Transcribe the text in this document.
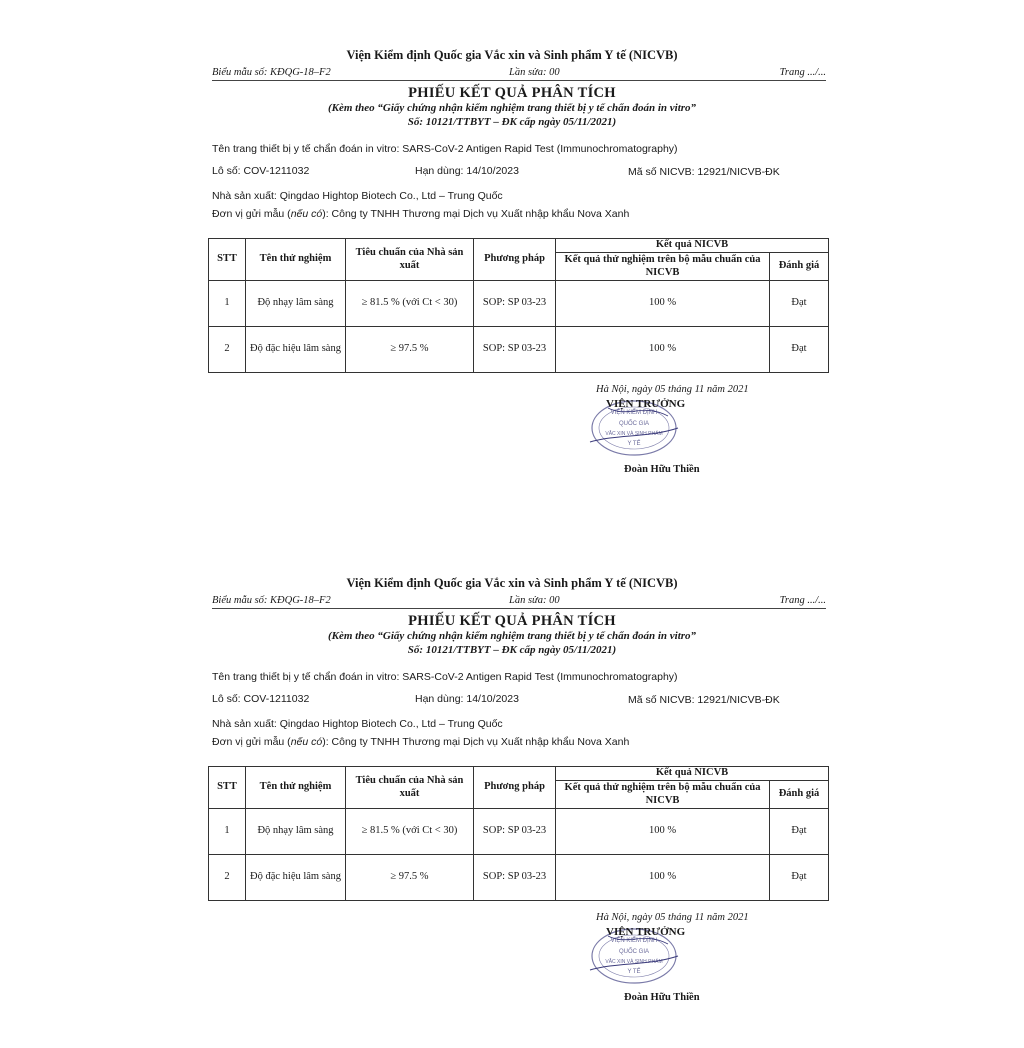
Viện Kiểm định Quốc gia Vắc xin và Sinh phẩm Y tế (NICVB)
Biểu mẫu số: KĐQG-18–F2	Lần sửa: 00	Trang .../...
PHIẾU KẾT QUẢ PHÂN TÍCH
(Kèm theo “Giấy chứng nhận kiểm nghiệm trang thiết bị y tế chẩn đoán in vitro”
Số: 10121/TTBYT – ĐK cấp ngày 05/11/2021)
Tên trang thiết bị y tế chẩn đoán in vitro: SARS-CoV-2 Antigen Rapid Test (Immunochromatography)
Lô số: COV-1211032	Hạn dùng: 14/10/2023	Mã số NICVB: 12921/NICVB-ĐK
Nhà sản xuất: Qingdao Hightop Biotech Co., Ltd – Trung Quốc
Đơn vị gửi mẫu (nếu có): Công ty TNHH Thương mại Dịch vụ Xuất nhập khẩu Nova Xanh
STT	Tên thử nghiệm	Tiêu chuẩn của Nhà sản xuất	Phương pháp	Kết quả NICVB	
				Kết quả thử nghiệm trên bộ mẫu chuẩn của NICVB	Đánh giá
1	Độ nhạy lâm sàng	≥ 81.5 % (với Ct < 30)	SOP: SP 03-23	100 %	Đạt
2	Độ đặc hiệu lâm sàng	≥ 97.5 %	SOP: SP 03-23	100 %	Đạt
VIỆN KIỂM ĐỊNH
QUỐC GIA
VẮC XIN VÀ SINH PHẨM
Y TẾ
Hà Nội, ngày 05 tháng 11 năm 2021
VIỆN TRƯỞNG
Đoàn Hữu Thiền
Viện Kiểm định Quốc gia Vắc xin và Sinh phẩm Y tế (NICVB)
Biểu mẫu số: KĐQG-18–F2	Lần sửa: 00	Trang .../...
PHIẾU KẾT QUẢ PHÂN TÍCH
(Kèm theo “Giấy chứng nhận kiểm nghiệm trang thiết bị y tế chẩn đoán in vitro”
Số: 10121/TTBYT – ĐK cấp ngày 05/11/2021)
Tên trang thiết bị y tế chẩn đoán in vitro: SARS-CoV-2 Antigen Rapid Test (Immunochromatography)
Lô số: COV-1211032	Hạn dùng: 14/10/2023	Mã số NICVB: 12921/NICVB-ĐK
Nhà sản xuất: Qingdao Hightop Biotech Co., Ltd – Trung Quốc
Đơn vị gửi mẫu (nếu có): Công ty TNHH Thương mại Dịch vụ Xuất nhập khẩu Nova Xanh
STT	Tên thử nghiệm	Tiêu chuẩn của Nhà sản xuất	Phương pháp	Kết quả NICVB	
				Kết quả thử nghiệm trên bộ mẫu chuẩn của NICVB	Đánh giá
1	Độ nhạy lâm sàng	≥ 81.5 % (với Ct < 30)	SOP: SP 03-23	100 %	Đạt
2	Độ đặc hiệu lâm sàng	≥ 97.5 %	SOP: SP 03-23	100 %	Đạt
VIỆN KIỂM ĐỊNH
QUỐC GIA
VẮC XIN VÀ SINH PHẨM
Y TẾ
Hà Nội, ngày 05 tháng 11 năm 2021
VIỆN TRƯỞNG
Đoàn Hữu Thiền
